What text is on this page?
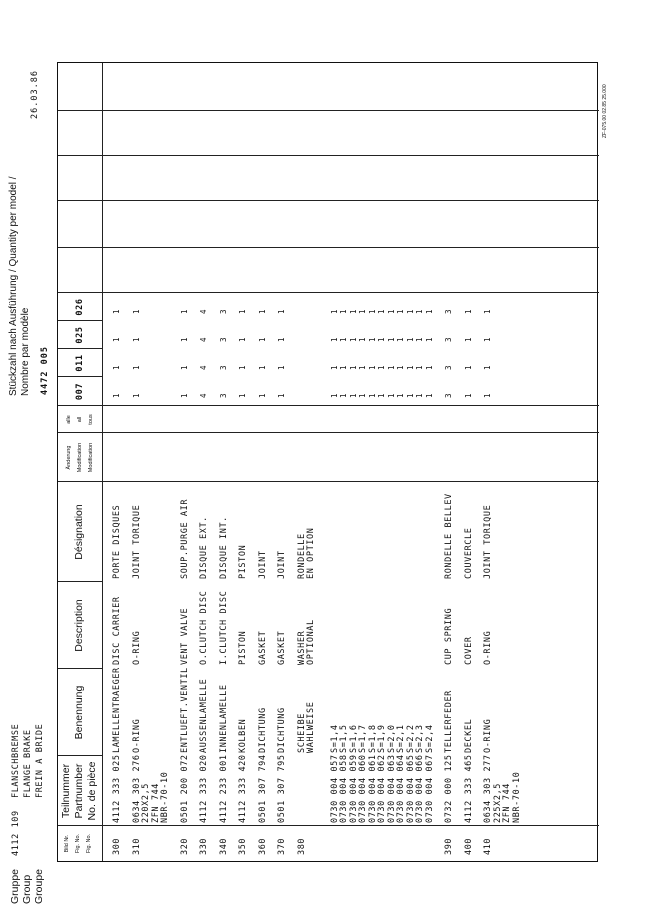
Gruppe4112 109FLANSCHBREMSE
GroupFLANGE BRAKE
GroupeFREIN A BRIDE
Stückzahl nach Ausführung / Quantity per model / Nombre par modèle 4472 005
26.03.86
Bild Nr. Fig. No. Fig. No.
Teilnummer Partnumber No. de pièce
Benennung
Description
Désignation
Änderung Modification Modification
alle all tous
007
011
025
026
300
4112 333 025
LAMELLENTRAEGER
DISC CARRIER
PORTE DISQUES
1
1
1
1
310
0634 303 276 220X2,5 ZFN 744 NBR-70-10
O-RING
O-RING
JOINT TORIQUE
1
1
1
1
320
0501 200 072
ENTLUEFT.VENTIL
VENT VALVE
SOUP.PURGE AIR
1
1
1
1
330
4112 333 020
AUSSENLAMELLE
O.CLUTCH DISC
DISQUE EXT.
4
4
4
4
340
4112 233 001
INNENLAMELLE
I.CLUTCH DISC
DISQUE INT.
3
3
3
3
350
4112 333 420
KOLBEN
PISTON
PISTON
1
1
1
1
360
0501 307 794
DICHTUNG
GASKET
JOINT
1
1
1
1
370
0501 307 795
DICHTUNG
GASKET
JOINT
1
1
1
1
380
SCHEIBE WAHLWEISE
WASHER OPTIONAL
RONDELLE EN OPTION
0730 004 057
S=1,4
1
1
1
1
0730 004 058
S=1,5
1
1
1
1
0730 004 059
S=1,6
1
1
1
1
0730 004 060
S=1,7
1
1
1
1
0730 004 061
S=1,8
1
1
1
1
0730 004 062
S=1,9
1
1
1
1
0730 004 063
S=2,0
1
1
1
1
0730 004 064
S=2,1
1
1
1
1
0730 004 065
S=2,2
1
1
1
1
0730 004 066
S=2,3
1
1
1
1
0730 004 067
S=2,4
1
1
1
1
390
0732 000 125
TELLERFEDER
CUP SPRING
RONDELLE BELLEV
3
3
3
3
400
4112 333 465
DECKEL
COVER
COUVERCLE
1
1
1
1
410
0634 303 277 225X2,5 ZFN 744 NBR-70-10
O-RING
O-RING
JOINT TORIQUE
1
1
1
1
ZF-075.00 02.85 25.000
